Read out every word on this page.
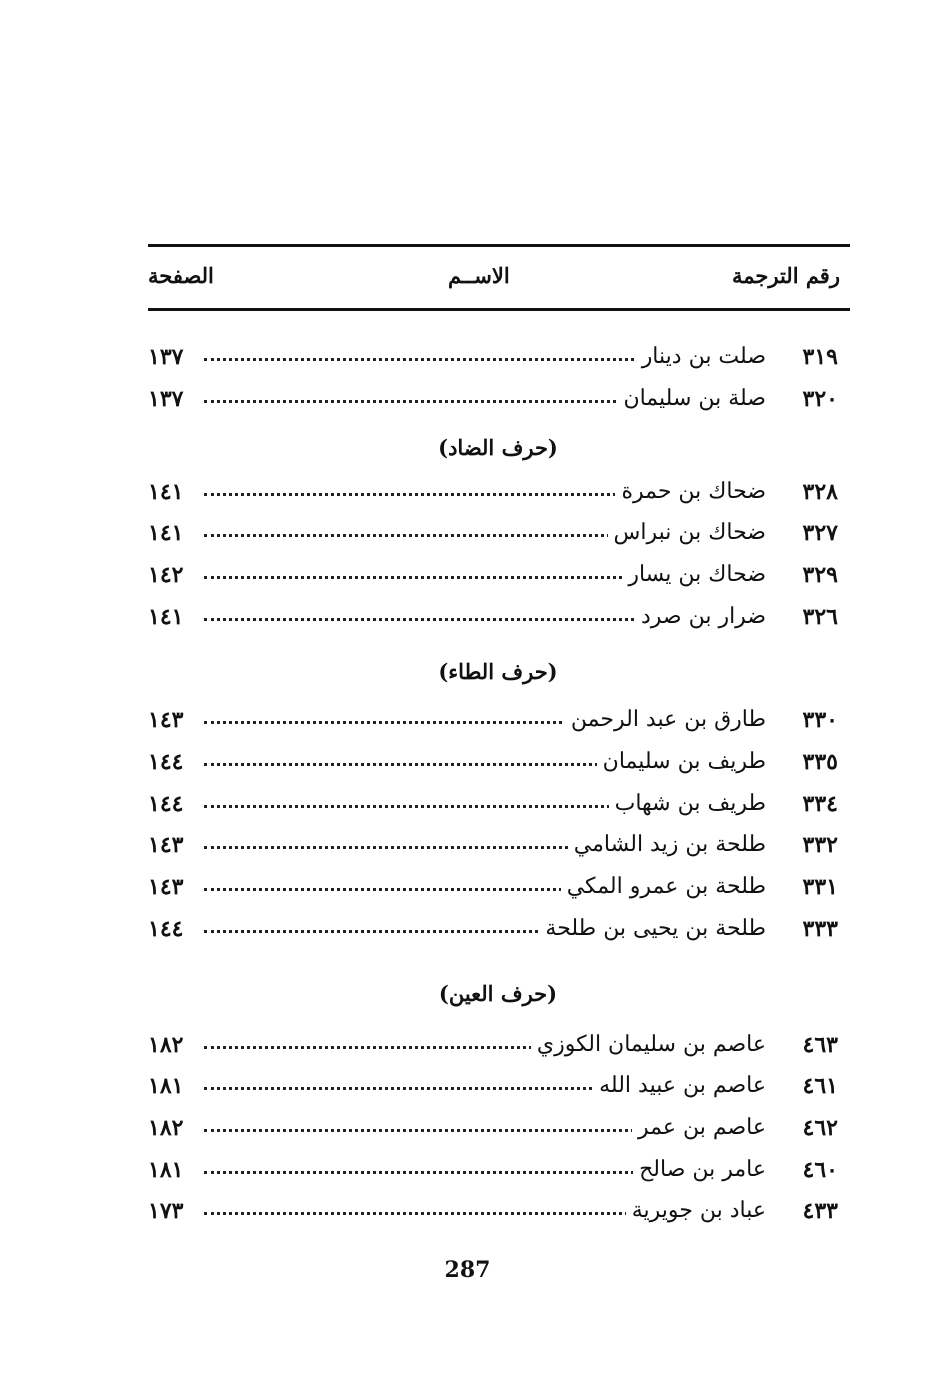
رقم الترجمة
الاســم
الصفحة
٣١٩
صلت بن دينار
١٣٧
٣٢٠
صلة بن سليمان
١٣٧
(حرف الضاد)
٣٢٨
ضحاك بن حمرة
١٤١
٣٢٧
ضحاك بن نبراس
١٤١
٣٢٩
ضحاك بن يسار
١٤٢
٣٢٦
ضرار بن صرد
١٤١
(حرف الطاء)
٣٣٠
طارق بن عبد الرحمن
١٤٣
٣٣٥
طريف بن سليمان
١٤٤
٣٣٤
طريف بن شهاب
١٤٤
٣٣٢
طلحة بن زيد الشامي
١٤٣
٣٣١
طلحة بن عمرو المكي
١٤٣
٣٣٣
طلحة بن يحيى بن طلحة
١٤٤
(حرف العين)
٤٦٣
عاصم بن سليمان الكوزي
١٨٢
٤٦١
عاصم بن عبيد الله
١٨١
٤٦٢
عاصم بن عمر
١٨٢
٤٦٠
عامر بن صالح
١٨١
٤٣٣
عباد بن جويرية
١٧٣
287
